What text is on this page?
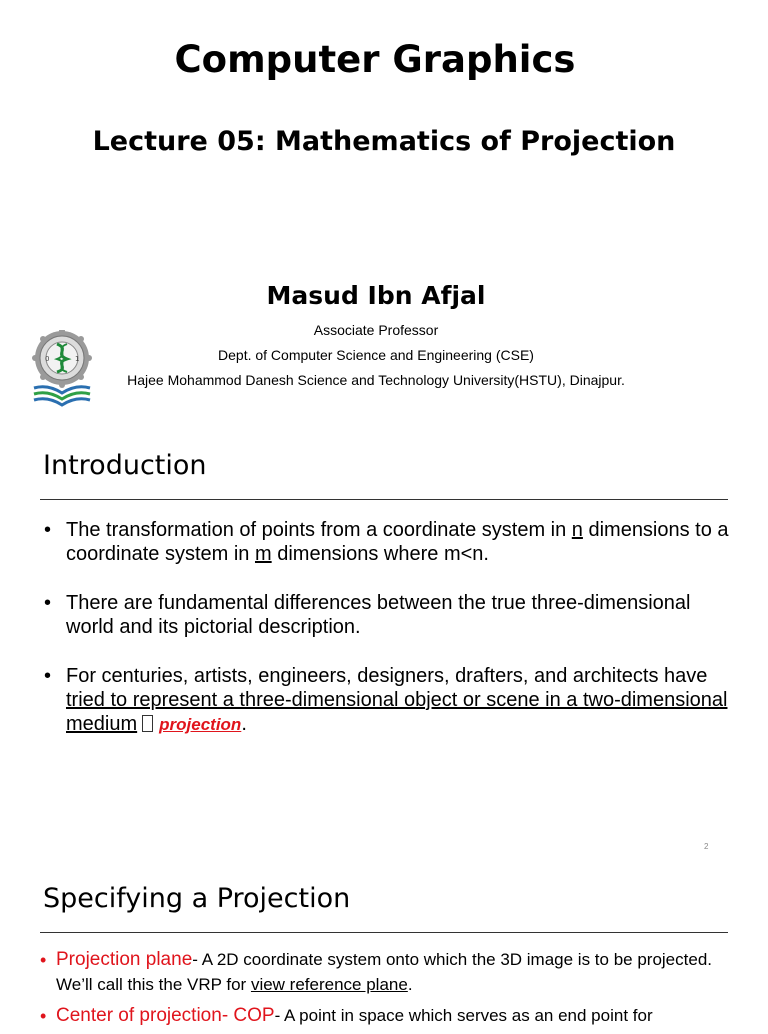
Computer Graphics
Lecture 05: Mathematics of Projection
Masud Ibn Afjal
Associate Professor
Dept. of Computer Science and Engineering (CSE)
Hajee Mohammod Danesh Science and Technology University(HSTU), Dinajpur.
0	1
Introduction
• The transformation of points from a coordinate system in n dimensions to a coordinate system in m dimensions where m<n.
• There are fundamental differences between the true three-dimensional world and its pictorial description.
• For centuries, artists, engineers, designers, drafters, and architects have tried to represent a three-dimensional object or scene in a two-dimensional medium projection.
2
Specifying a Projection
• Projection plane- A 2D coordinate system onto which the 3D image is to be projected. We’ll call this the VRP for view reference plane.
• Center of projection- COP- A point in space which serves as an end point for
